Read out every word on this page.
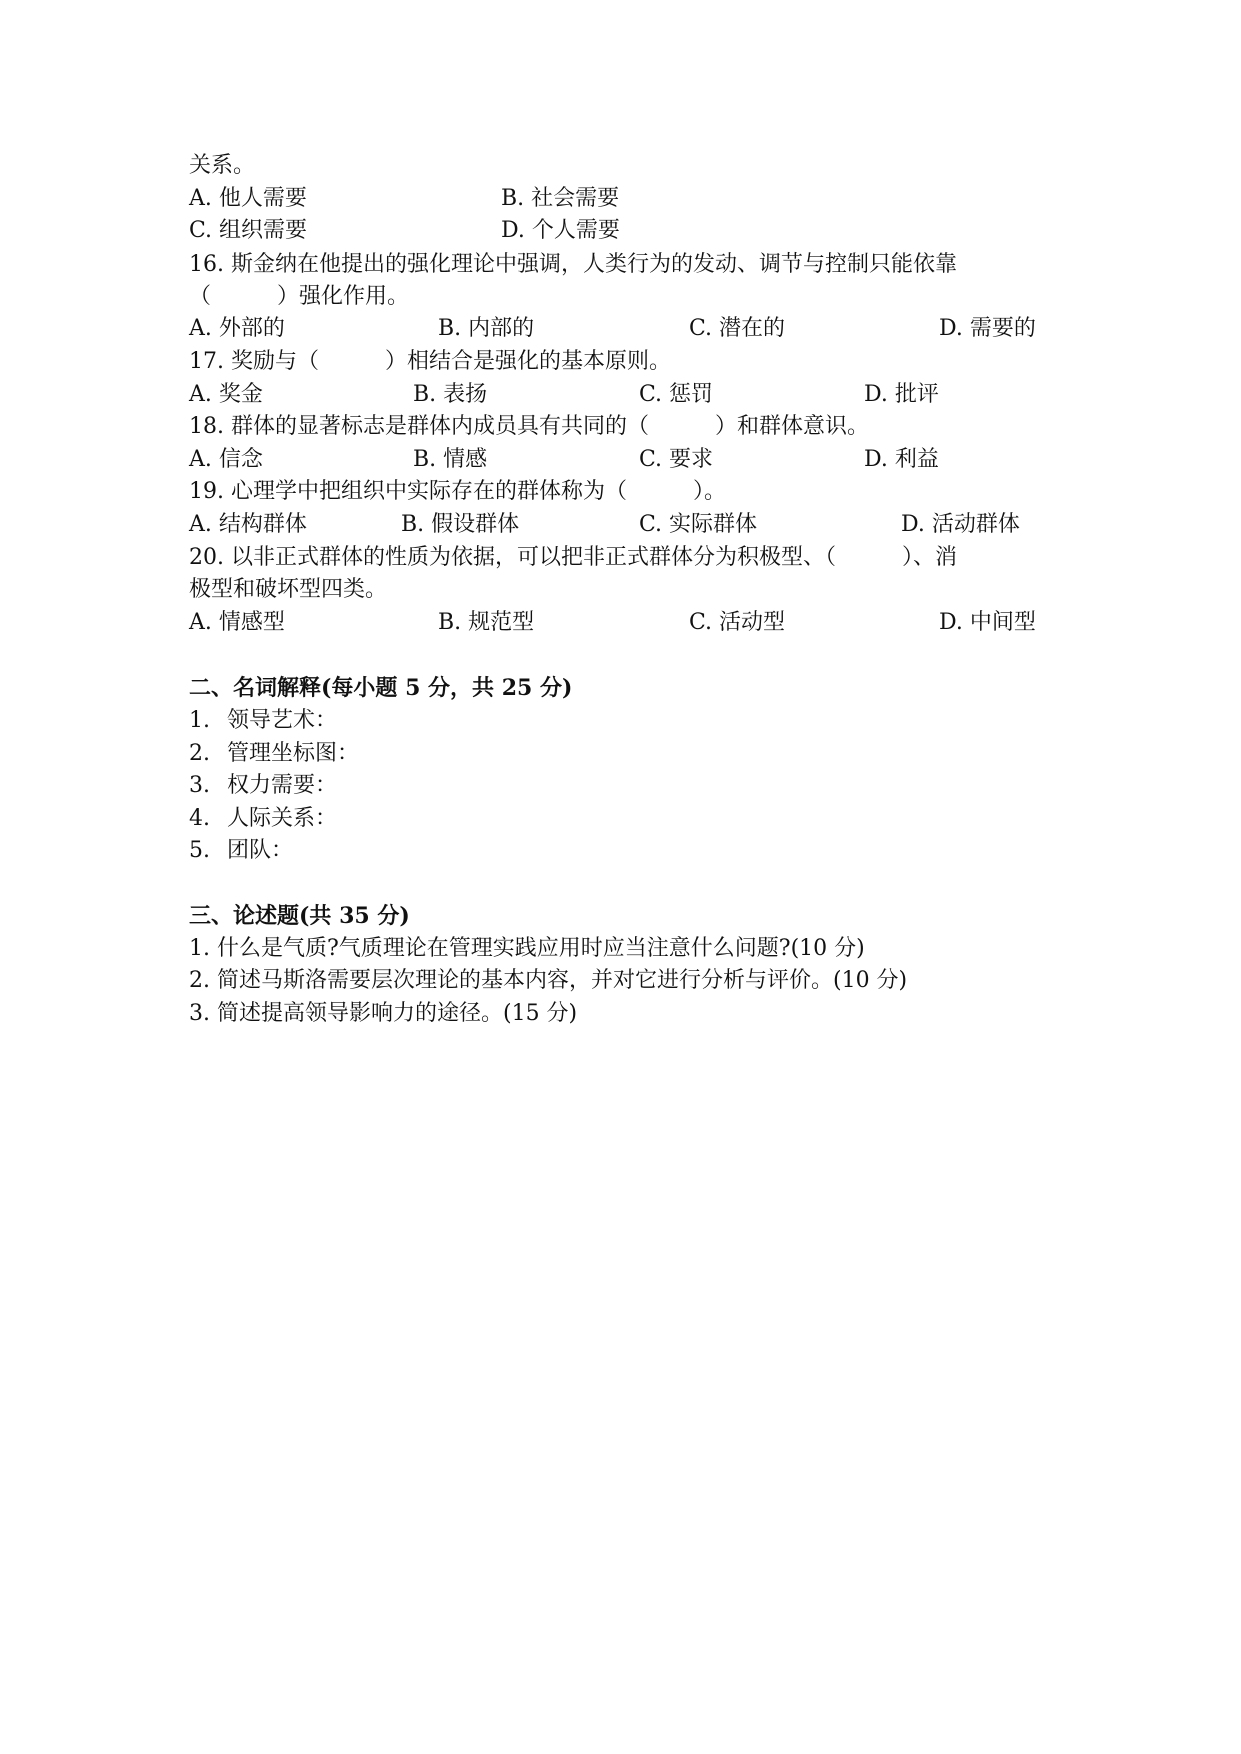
关系。
A. 他人需要	B. 社会需要
C. 组织需要	D. 个人需要
16. 斯金纳在他提出的强化理论中强调，人类行为的发动、调节与控制只能依靠
（　　　）强化作用。
A. 外部的	B. 内部的	C. 潜在的	D. 需要的
17. 奖励与（　　　）相结合是强化的基本原则。
A. 奖金	B. 表扬	C. 惩罚	D. 批评
18. 群体的显著标志是群体内成员具有共同的（　　　）和群体意识。
A. 信念	B. 情感	C. 要求	D. 利益
19. 心理学中把组织中实际存在的群体称为（　　　）。
A. 结构群体	B. 假设群体	C. 实际群体	D. 活动群体
20. 以非正式群体的性质为依据，可以把非正式群体分为积极型、（　　　）、消
极型和破坏型四类。
A. 情感型	B. 规范型	C. 活动型	D. 中间型
二、名词解释(每小题 5 分，共 25 分)
1. 领导艺术：
2. 管理坐标图：
3. 权力需要：
4. 人际关系：
5. 团队：
三、论述题(共 35 分)
1. 什么是气质?气质理论在管理实践应用时应当注意什么问题?(10 分)
2. 简述马斯洛需要层次理论的基本内容，并对它进行分析与评价。(10 分)
3. 简述提高领导影响力的途径。(15 分)
